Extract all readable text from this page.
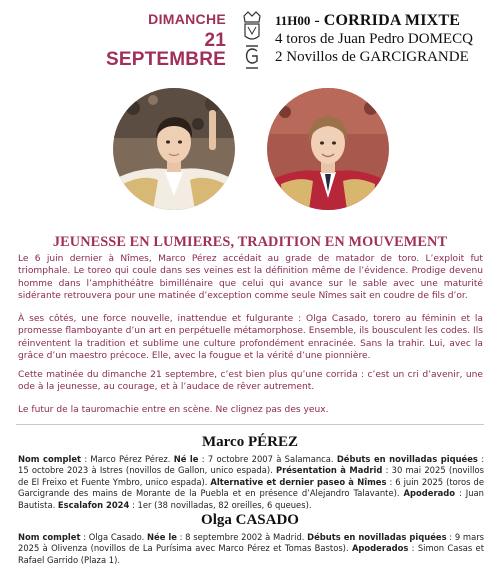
DIMANCHE
21 SEPTEMBRE
11H00 - CORRIDA MIXTE
4 toros de Juan Pedro DOMECQ
2 Novillos de GARCIGRANDE
JEUNESSE EN LUMIERES, TRADITION EN MOUVEMENT

Le 6 juin dernier à Nîmes, Marco Pérez accédait au grade de matador de toro. L’exploit fut triomphale. Le toreo qui coule dans ses veines est la définition même de l’évidence. Prodige devenu homme dans l’amphithéâtre bimillénaire que celui qui avance sur le sable avec une maturité sidérante retrouvera pour une matinée d’exception comme seule Nîmes sait en coudre de fils d’or.

À ses côtés, une force nouvelle, inattendue et fulgurante : Olga Casado, torero au féminin et la promesse flamboyante d’un art en perpétuelle métamorphose. Ensemble, ils bousculent les codes. Ils réinventent la tradition et sublime une culture profondément enracinée. Sans la trahir. Lui, avec la grâce d’un maestro précoce. Elle, avec la fougue et la vérité d’une pionnière.

Cette matinée du dimanche 21 septembre, c’est bien plus qu’une corrida : c’est un cri d’avenir, une ode à la jeunesse, au courage, et à l’audace de rêver autrement.

Le futur de la tauromachie entre en scène. Ne clignez pas des yeux.

Marco PÉREZ

Nom complet : Marco Pérez Pérez. Né le : 7 octobre 2007 à Salamanca. Débuts en novilladas piquées : 15 octobre 2023 à Istres (novillos de Gallon, unico espada). Présentation à Madrid : 30 mai 2025 (novillos de El Freixo et Fuente Ymbro, unico espada). Alternative et dernier paseo à Nîmes : 6 juin 2025 (toros de Garcigrande des mains de Morante de la Puebla et en présence d’Alejandro Talavante). Apoderado : Juan Bautista. Escalafon 2024 : 1er (38 novilladas, 82 oreilles, 6 queues).

Olga CASADO

Nom complet : Olga Casado. Née le : 8 septembre 2002 à Madrid. Débuts en novilladas piquées : 9 mars 2025 à Olivenza (novillos de La Purísima avec Marco Pérez et Tomas Bastos). Apoderados : Simon Casas et Rafael Garrido (Plaza 1).
